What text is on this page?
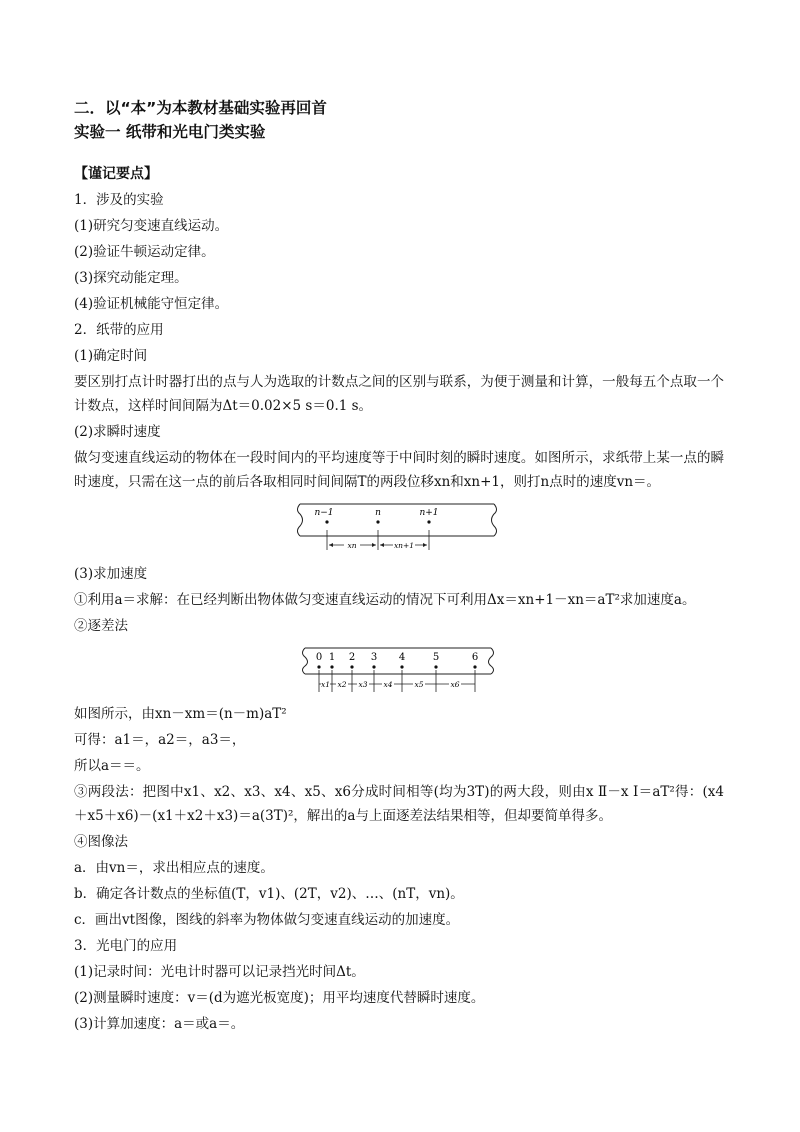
二．以“本”为本教材基础实验再回首
实验一 纸带和光电门类实验
【谨记要点】
1．涉及的实验
(1)研究匀变速直线运动。
(2)验证牛顿运动定律。
(3)探究动能定理。
(4)验证机械能守恒定律。
2．纸带的应用
(1)确定时间
要区别打点计时器打出的点与人为选取的计数点之间的区别与联系，为便于测量和计算，一般每五个点取一个计数点，这样时间间隔为Δt＝0.02×5 s＝0.1 s。
(2)求瞬时速度
做匀变速直线运动的物体在一段时间内的平均速度等于中间时刻的瞬时速度。如图所示，求纸带上某一点的瞬时速度，只需在这一点的前后各取相同时间间隔T的两段位移xn和xn+1，则打n点时的速度vn＝。
n−1	n	n+1
xn	xn+1
(3)求加速度
①利用a＝求解：在已经判断出物体做匀变速直线运动的情况下可利用Δx＝xn+1－xn＝aT²求加速度a。
②逐差法
0 1 2 3 4	5	6
x1 x2 x3 x4	x5	x6
如图所示，由xn－xm＝(n－m)aT²
可得：a1＝，a2＝，a3＝，
所以a＝＝。
③两段法：把图中x1、x2、x3、x4、x5、x6分成时间相等(均为3T)的两大段，则由x Ⅱ－x Ⅰ＝aT²得：(x4＋x5＋x6)－(x1＋x2＋x3)＝a(3T)²，解出的a与上面逐差法结果相等，但却要简单得多。
④图像法
a．由vn＝，求出相应点的速度。
b．确定各计数点的坐标值(T，v1)、(2T，v2)、…、(nT，vn)。
c．画出vt图像，图线的斜率为物体做匀变速直线运动的加速度。
3．光电门的应用
(1)记录时间：光电计时器可以记录挡光时间Δt。
(2)测量瞬时速度：v＝(d为遮光板宽度)；用平均速度代替瞬时速度。
(3)计算加速度：a＝或a＝。
